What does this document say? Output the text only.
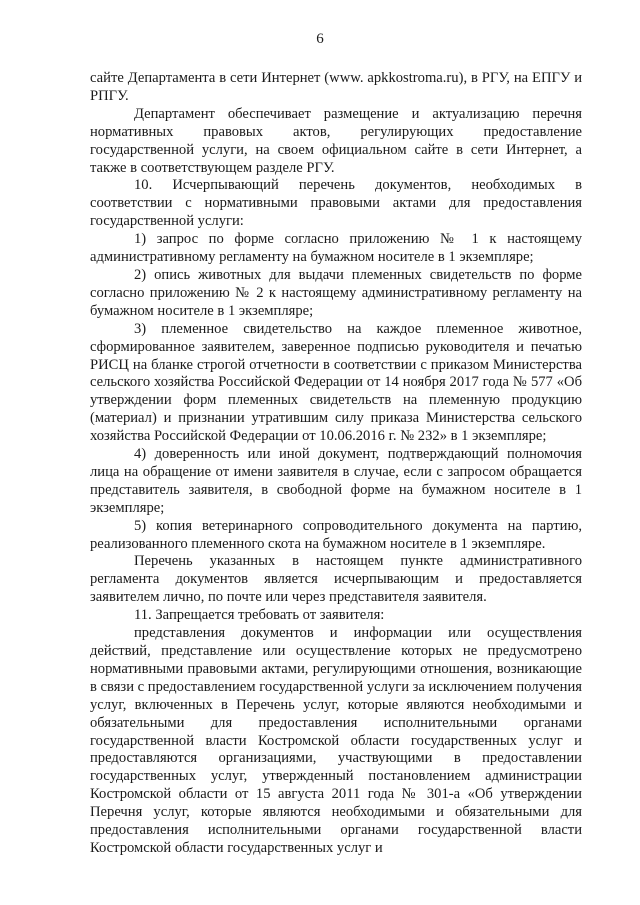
6

сайте Департамента в сети Интернет (www. apkkostroma.ru), в РГУ, на ЕПГУ и РПГУ.

Департамент обеспечивает размещение и актуализацию перечня нормативных правовых актов, регулирующих предоставление государственной услуги, на своем официальном сайте в сети Интернет, а также в соответствующем разделе РГУ.

10. Исчерпывающий перечень документов, необходимых в соответствии с нормативными правовыми актами для предоставления государственной услуги:

1) запрос по форме согласно приложению № 1 к настоящему административному регламенту на бумажном носителе в 1 экземпляре;

2) опись животных для выдачи племенных свидетельств по форме согласно приложению № 2 к настоящему административному регламенту на бумажном носителе в 1 экземпляре;

3) племенное свидетельство на каждое племенное животное, сформированное заявителем, заверенное подписью руководителя и печатью РИСЦ на бланке строгой отчетности в соответствии с приказом Министерства сельского хозяйства Российской Федерации от 14 ноября 2017 года № 577 «Об утверждении форм племенных свидетельств на племенную продукцию (материал) и признании утратившим силу приказа Министерства сельского хозяйства Российской Федерации от 10.06.2016 г. № 232» в 1 экземпляре;

4) доверенность или иной документ, подтверждающий полномочия лица на обращение от имени заявителя в случае, если с запросом обращается представитель заявителя, в свободной форме на бумажном носителе в 1 экземпляре;

5) копия ветеринарного сопроводительного документа на партию, реализованного племенного скота на бумажном носителе в 1 экземпляре.

Перечень указанных в настоящем пункте административного регламента документов является исчерпывающим и предоставляется заявителем лично, по почте или через представителя заявителя.

11. Запрещается требовать от заявителя:

представления документов и информации или осуществления действий, представление или осуществление которых не предусмотрено нормативными правовыми актами, регулирующими отношения, возникающие в связи с предоставлением государственной услуги за исключением получения услуг, включенных в Перечень услуг, которые являются необходимыми и обязательными для предоставления исполнительными органами государственной власти Костромской области государственных услуг и предоставляются организациями, участвующими в предоставлении государственных услуг, утвержденный постановлением администрации Костромской области от 15 августа 2011 года № 301-а «Об утверждении Перечня услуг, которые являются необходимыми и обязательными для предоставления исполнительными органами государственной власти Костромской области государственных услуг и
